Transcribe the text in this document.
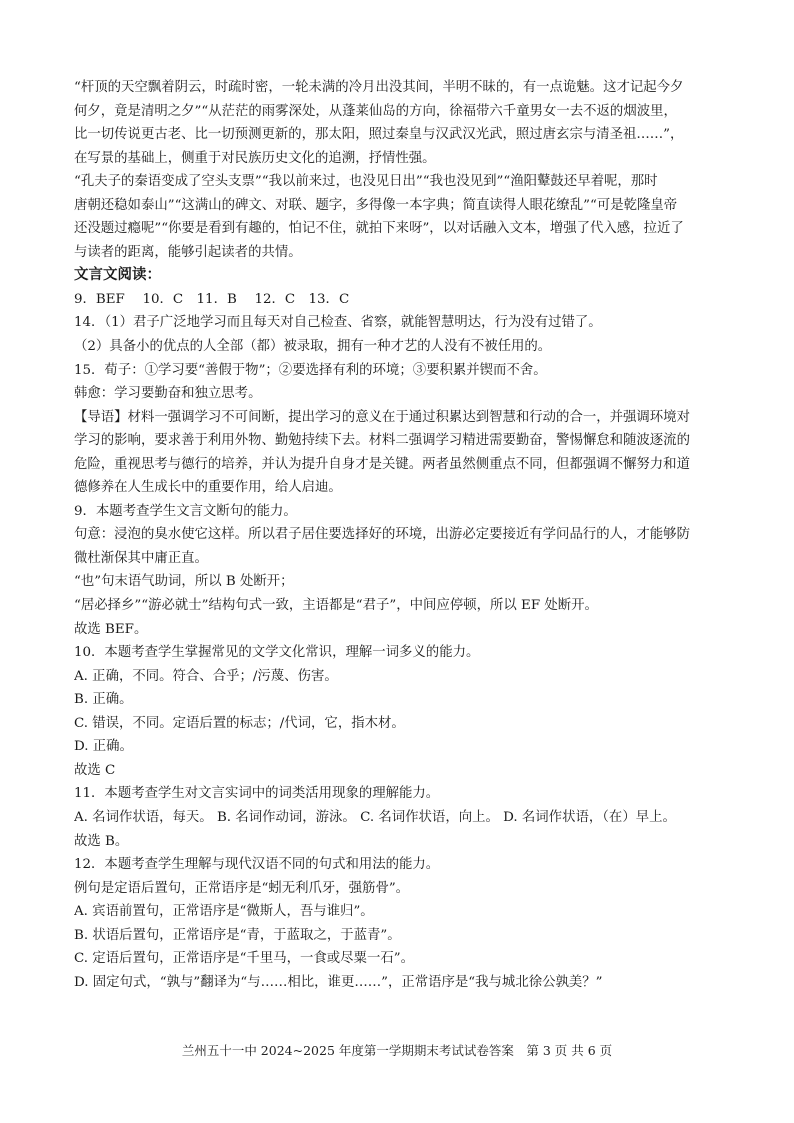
“杆顶的天空飘着阴云，时疏时密，一轮未满的冷月出没其间，半明不昧的，有一点诡魅。这才记起今夕
何夕，竟是清明之夕”“从茫茫的雨雾深处，从蓬莱仙岛的方向，徐福带六千童男女一去不返的烟波里，
比一切传说更古老、比一切预测更新的，那太阳，照过秦皇与汉武汉光武，照过唐玄宗与清圣祖……”，
在写景的基础上，侧重于对民族历史文化的追溯，抒情性强。
“孔夫子的秦语变成了空头支票”“我以前来过，也没见日出”“我也没见到”“渔阳鼙鼓还早着呢，那时
唐朝还稳如泰山”“这满山的碑文、对联、题字，多得像一本字典；简直读得人眼花缭乱”“可是乾隆皇帝
还没题过瘾呢”“你要是看到有趣的，怕记不住，就拍下来呀”，以对话融入文本，增强了代入感，拉近了
与读者的距离，能够引起读者的共情。
文言文阅读：
9．BEF　 10．C　11．B　 12．C　13．C
14．（1）君子广泛地学习而且每天对自己检查、省察，就能智慧明达，行为没有过错了。
（2）具备小的优点的人全部（都）被录取，拥有一种才艺的人没有不被任用的。
15．荀子：①学习要“善假于物”；②要选择有利的环境；③要积累并锲而不舍。
韩愈：学习要勤奋和独立思考。
【导语】材料一强调学习不可间断，提出学习的意义在于通过积累达到智慧和行动的合一，并强调环境对
学习的影响，要求善于利用外物、勤勉持续下去。材料二强调学习精进需要勤奋，警惕懈怠和随波逐流的
危险，重视思考与德行的培养，并认为提升自身才是关键。两者虽然侧重点不同，但都强调不懈努力和道
德修养在人生成长中的重要作用，给人启迪。
9．本题考查学生文言文断句的能力。
句意：浸泡的臭水使它这样。所以君子居住要选择好的环境，出游必定要接近有学问品行的人，才能够防
微杜渐保其中庸正直。
“也”句末语气助词，所以 B 处断开；
“居必择乡”“游必就士”结构句式一致，主语都是“君子”，中间应停顿，所以 EF 处断开。
故选 BEF。
10．本题考查学生掌握常见的文学文化常识，理解一词多义的能力。
A. 正确，不同。符合、合乎；/污蔑、伤害。
B. 正确。
C. 错误，不同。定语后置的标志；/代词，它，指木材。
D. 正确。
故选 C
11．本题考查学生对文言实词中的词类活用现象的理解能力。
A. 名词作状语，每天。 B. 名词作动词，游泳。 C. 名词作状语，向上。 D. 名词作状语，（在）早上。
故选 B。
12．本题考查学生理解与现代汉语不同的句式和用法的能力。
例句是定语后置句，正常语序是“蚓无利爪牙，强筋骨”。
A. 宾语前置句，正常语序是“微斯人，吾与谁归”。
B. 状语后置句，正常语序是“青，于蓝取之，于蓝青”。
C. 定语后置句，正常语序是“千里马，一食或尽粟一石”。
D. 固定句式，“孰与”翻译为“与……相比，谁更……”，正常语序是“我与城北徐公孰美？”
兰州五十一中 2024~2025 年度第一学期期末考试试卷答案　第 3 页 共 6 页
